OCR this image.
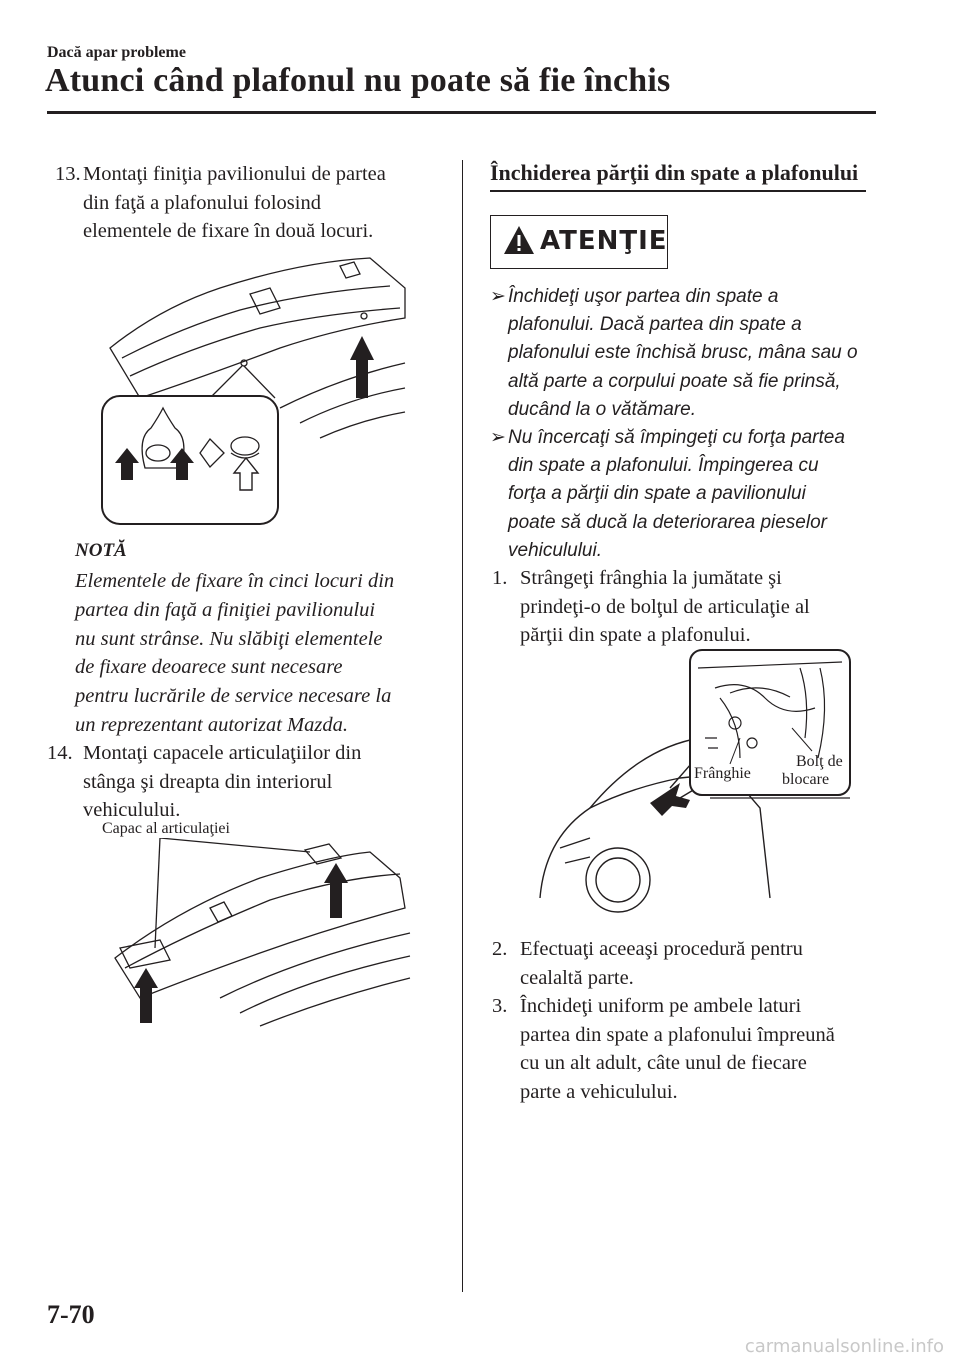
Dacă apar probleme
Atunci când plafonul nu poate să fie închis
13. Montaţi finiţia pavilionului de partea
din faţă a plafonului folosind
elementele de fixare în două locuri.
NOTĂ
Elementele de fixare în cinci locuri din
partea din faţă a finiţiei pavilionului
nu sunt strânse. Nu slăbiţi elementele
de fixare deoarece sunt necesare
pentru lucrările de service necesare la
un reprezentant autorizat Mazda.
14. Montaţi capacele articulaţiilor din
stânga şi dreapta din interiorul
vehiculului.
Capac al articulaţiei
Închiderea părţii din spate a plafonului
ATENŢIE
➢ Închideţi uşor partea din spate a
plafonului. Dacă partea din spate a
plafonului este închisă brusc, mâna sau o
altă parte a corpului poate să fie prinsă,
ducând la o vătămare.
➢ Nu încercaţi să împingeţi cu forţa partea
din spate a plafonului. Împingerea cu
forţa a părţii din spate a pavilionului
poate să ducă la deteriorarea pieselor
vehiculului.
1. Strângeţi frânghia la jumătate şi
prindeţi-o de bolţul de articulaţie al
părţii din spate a plafonului.
Frânghie
Bolţ de
blocare
2. Efectuaţi aceeaşi procedură pentru
cealaltă parte.
3. Închideţi uniform pe ambele laturi
partea din spate a plafonului împreună
cu un alt adult, câte unul de fiecare
parte a vehiculului.
7-70
carmanualsonline.info
